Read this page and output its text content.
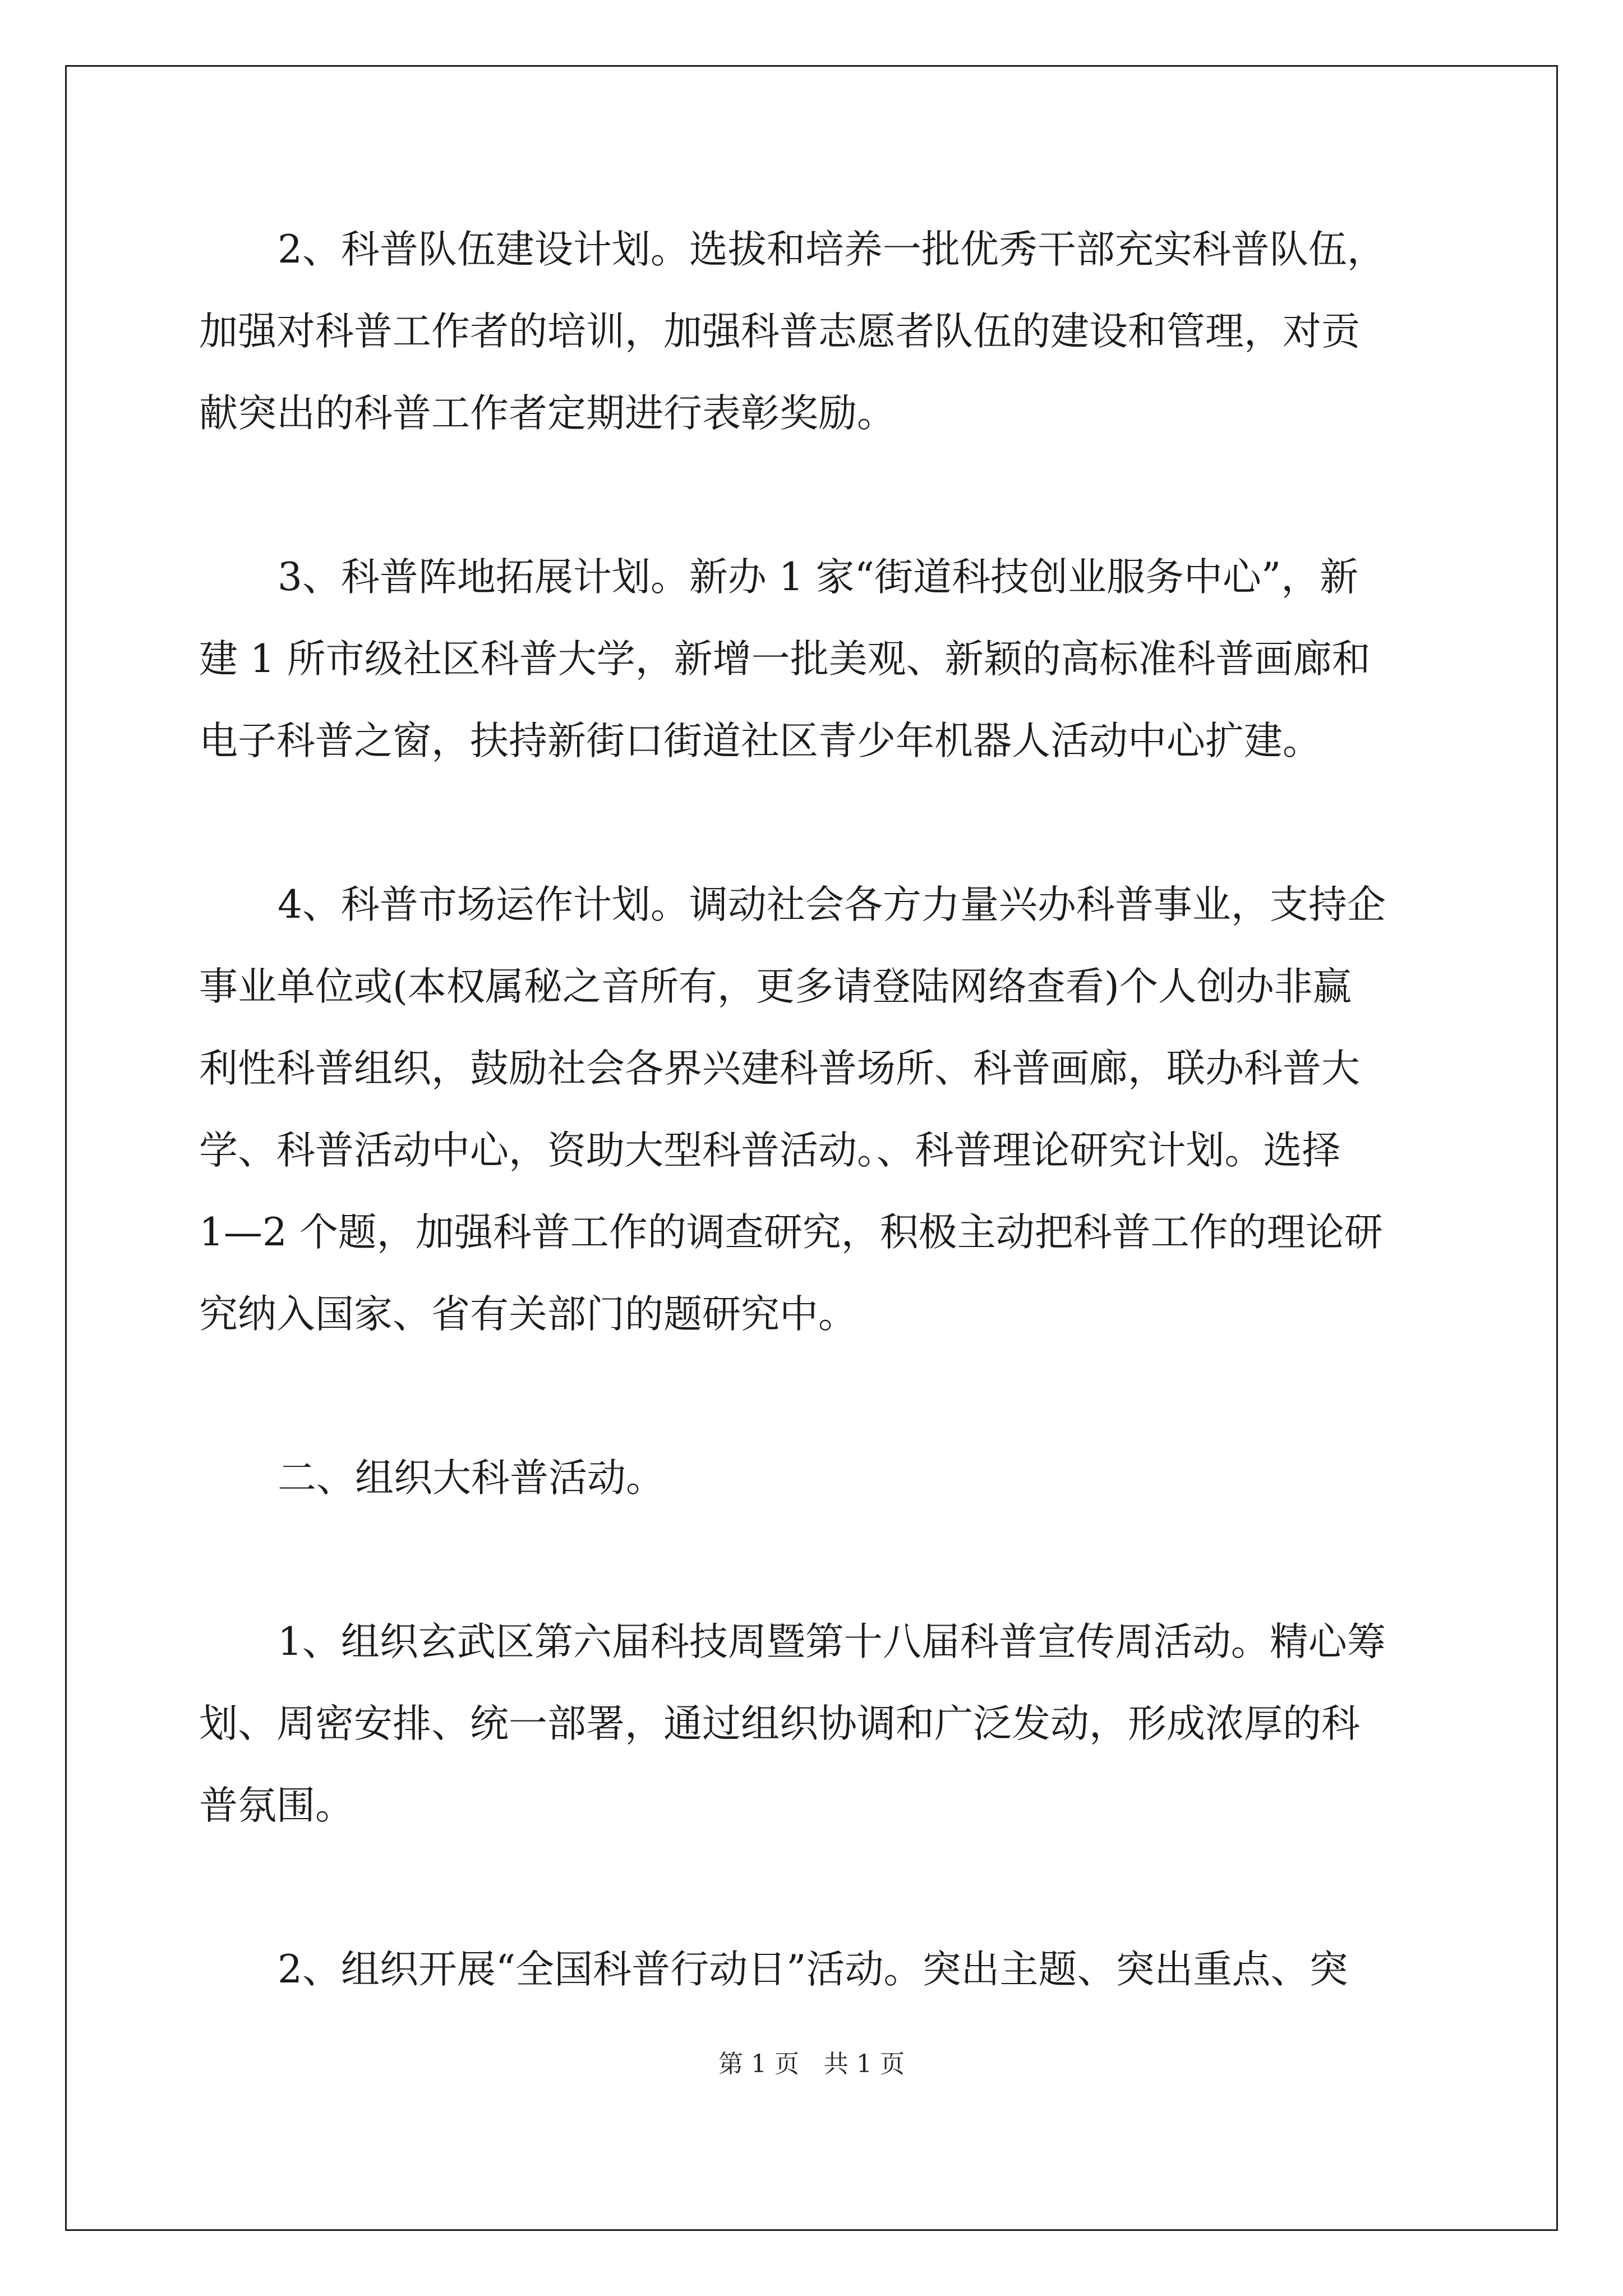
2、科普队伍建设计划。选拔和培养一批优秀干部充实科普队伍，
加强对科普工作者的培训，加强科普志愿者队伍的建设和管理，对贡
献突出的科普工作者定期进行表彰奖励。
3、科普阵地拓展计划。新办 1 家“街道科技创业服务中心”，新
建 1 所市级社区科普大学，新增一批美观、新颖的高标准科普画廊和
电子科普之窗，扶持新街口街道社区青少年机器人活动中心扩建。
4、科普市场运作计划。调动社会各方力量兴办科普事业，支持企
事业单位或(本权属秘之音所有，更多请登陆网络查看)个人创办非赢
利性科普组织，鼓励社会各界兴建科普场所、科普画廊，联办科普大
学、科普活动中心，资助大型科普活动。、科普理论研究计划。选择
1—2 个题，加强科普工作的调查研究，积极主动把科普工作的理论研
究纳入国家、省有关部门的题研究中。
二、组织大科普活动。
1、组织玄武区第六届科技周暨第十八届科普宣传周活动。精心筹
划、周密安排、统一部署，通过组织协调和广泛发动，形成浓厚的科
普氛围。
2、组织开展“全国科普行动日”活动。突出主题、突出重点、突
第 1 页　共 1 页
